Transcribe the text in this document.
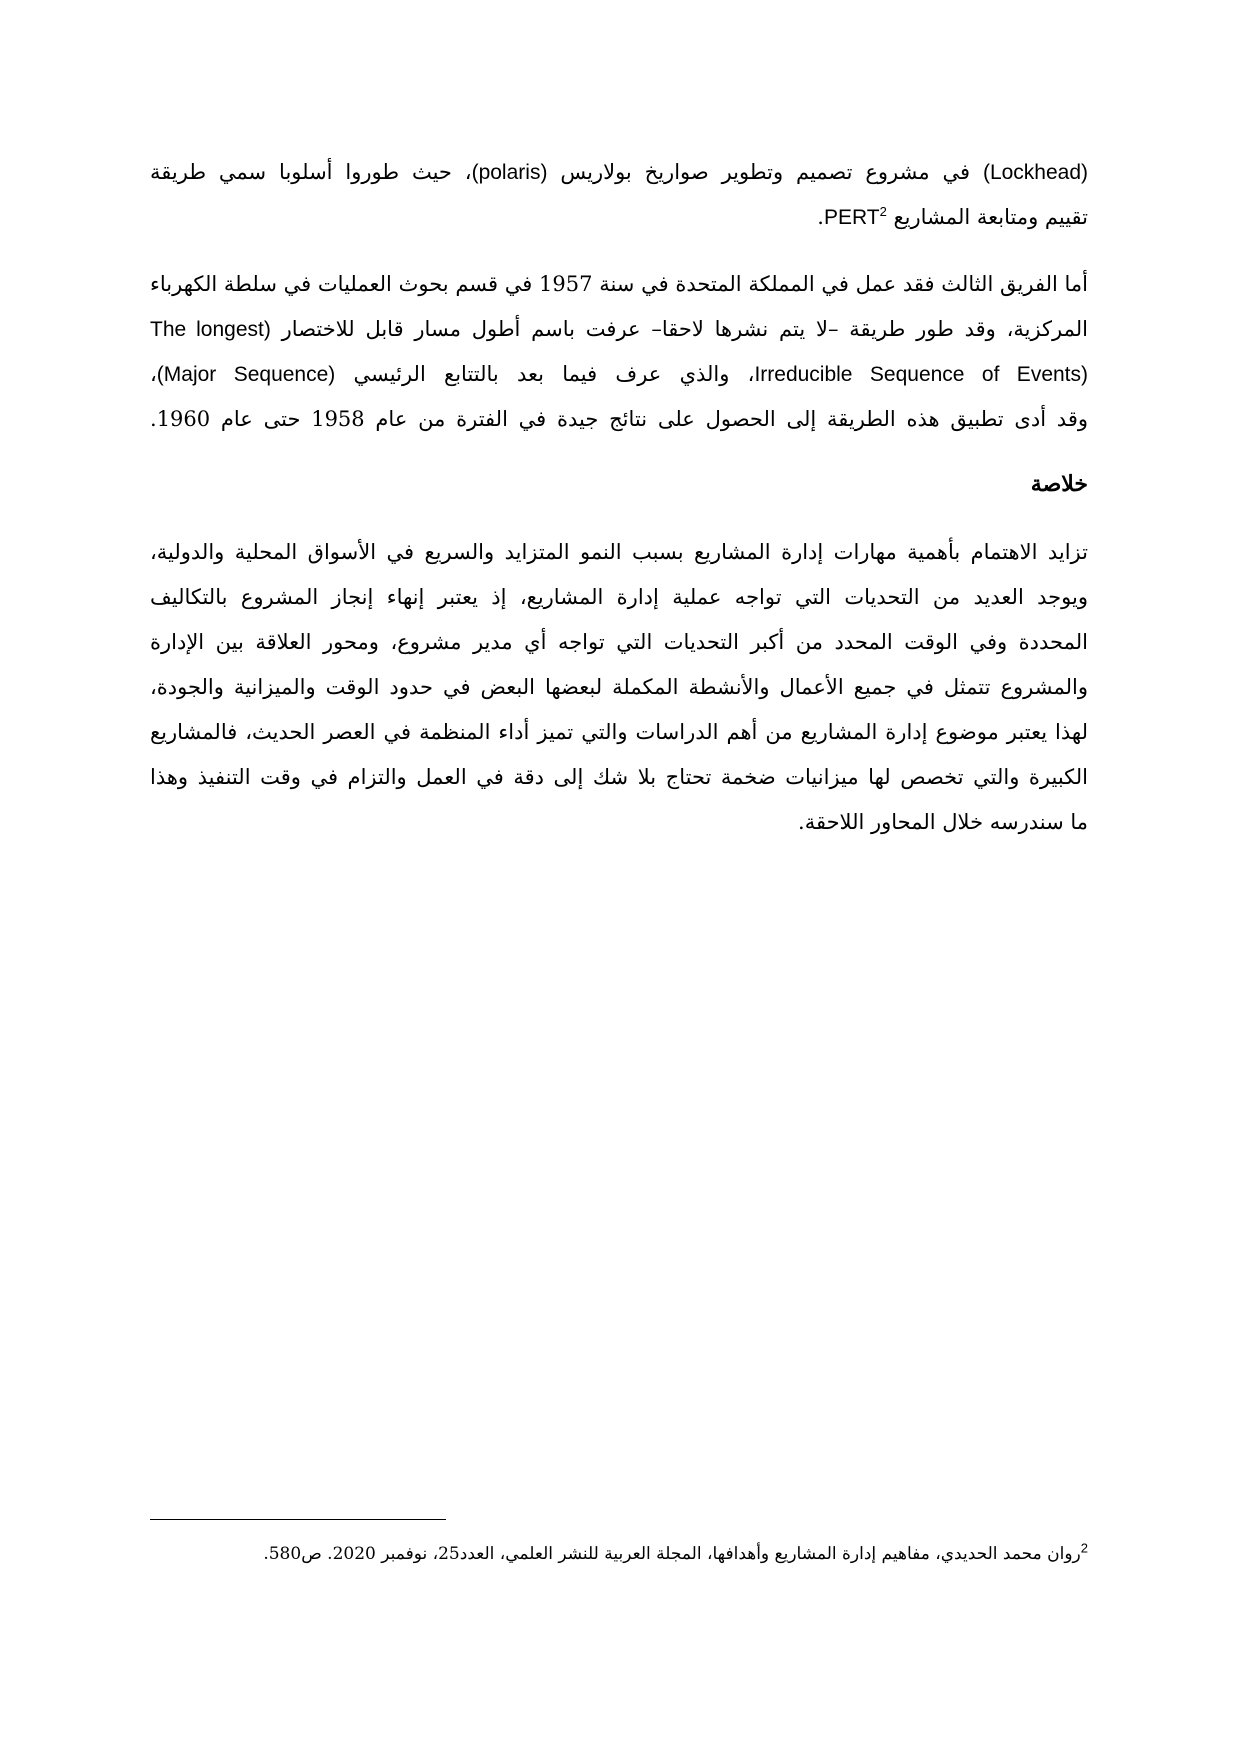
(Lockhead) في مشروع تصميم وتطوير صواريخ بولاريس (polaris)، حيث طوروا أسلوبا سمي طريقة
تقييم ومتابعة المشاريع PERT$^2$.

أما الفريق الثالث فقد عمل في المملكة المتحدة في سنة 1957 في قسم بحوث العمليات في سلطة الكهرباء
المركزية، وقد طور طريقة –لا يتم نشرها لاحقا– عرفت باسم أطول مسار قابل للاختصار The longest)
Irreducible Sequence of Events)، والذي عرف فيما بعد بالتتابع الرئيسي (Major Sequence)،
وقد أدى تطبيق هذه الطريقة إلى الحصول على نتائج جيدة في الفترة من عام 1958 حتى عام 1960.

خلاصة

تزايد الاهتمام بأهمية مهارات إدارة المشاريع بسبب النمو المتزايد والسريع في الأسواق المحلية والدولية،
ويوجد العديد من التحديات التي تواجه عملية إدارة المشاريع، إذ يعتبر إنهاء إنجاز المشروع بالتكاليف
المحددة وفي الوقت المحدد من أكبر التحديات التي تواجه أي مدير مشروع، ومحور العلاقة بين الإدارة
والمشروع تتمثل في جميع الأعمال والأنشطة المكملة لبعضها البعض في حدود الوقت والميزانية والجودة،
لهذا يعتبر موضوع إدارة المشاريع من أهم الدراسات والتي تميز أداء المنظمة في العصر الحديث، فالمشاريع
الكبيرة والتي تخصص لها ميزانيات ضخمة تحتاج بلا شك إلى دقة في العمل والتزام في وقت التنفيذ وهذا
ما سندرسه خلال المحاور اللاحقة.

$^2$روان محمد الحديدي، مفاهيم إدارة المشاريع وأهدافها، المجلة العربية للنشر العلمي، العدد25، نوفمبر 2020. ص580.
